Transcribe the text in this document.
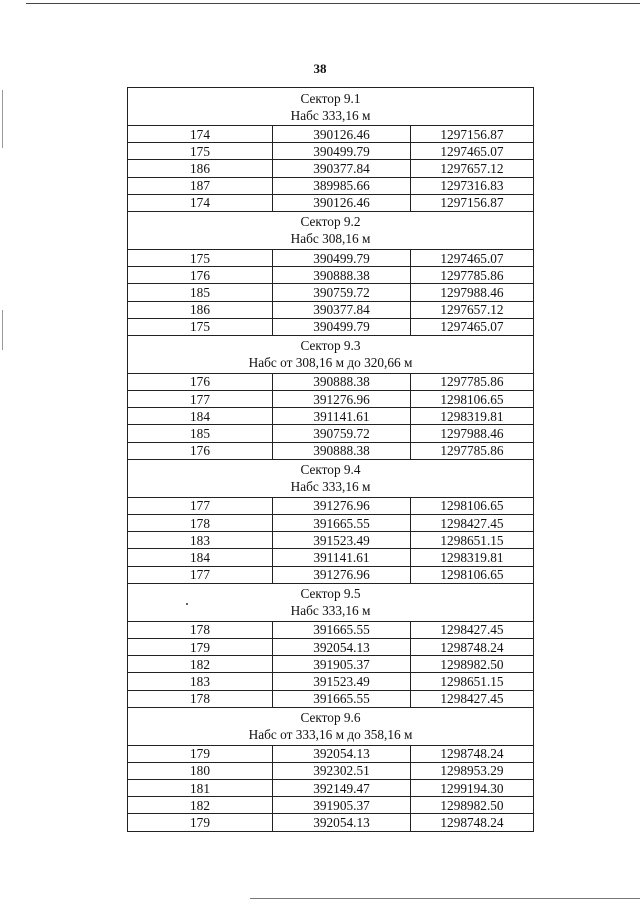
38
Сектор 9.1
Набс 333,16 м		

174	390126.46	1297156.87
175	390499.79	1297465.07
186	390377.84	1297657.12
187	389985.66	1297316.83
174	390126.46	1297156.87

Сектор 9.2
Набс 308,16 м		

175	390499.79	1297465.07
176	390888.38	1297785.86
185	390759.72	1297988.46
186	390377.84	1297657.12
175	390499.79	1297465.07

Сектор 9.3
Набс от 308,16 м до 320,66 м		

176	390888.38	1297785.86
177	391276.96	1298106.65
184	391141.61	1298319.81
185	390759.72	1297988.46
176	390888.38	1297785.86

Сектор 9.4
Набс 333,16 м		

177	391276.96	1298106.65
178	391665.55	1298427.45
183	391523.49	1298651.15
184	391141.61	1298319.81
177	391276.96	1298106.65

Сектор 9.5
Набс 333,16 м		

178	391665.55	1298427.45
179	392054.13	1298748.24
182	391905.37	1298982.50
183	391523.49	1298651.15
178	391665.55	1298427.45

Сектор 9.6
Набс от 333,16 м до 358,16 м		

179	392054.13	1298748.24
180	392302.51	1298953.29
181	392149.47	1299194.30
182	391905.37	1298982.50
179	392054.13	1298748.24
